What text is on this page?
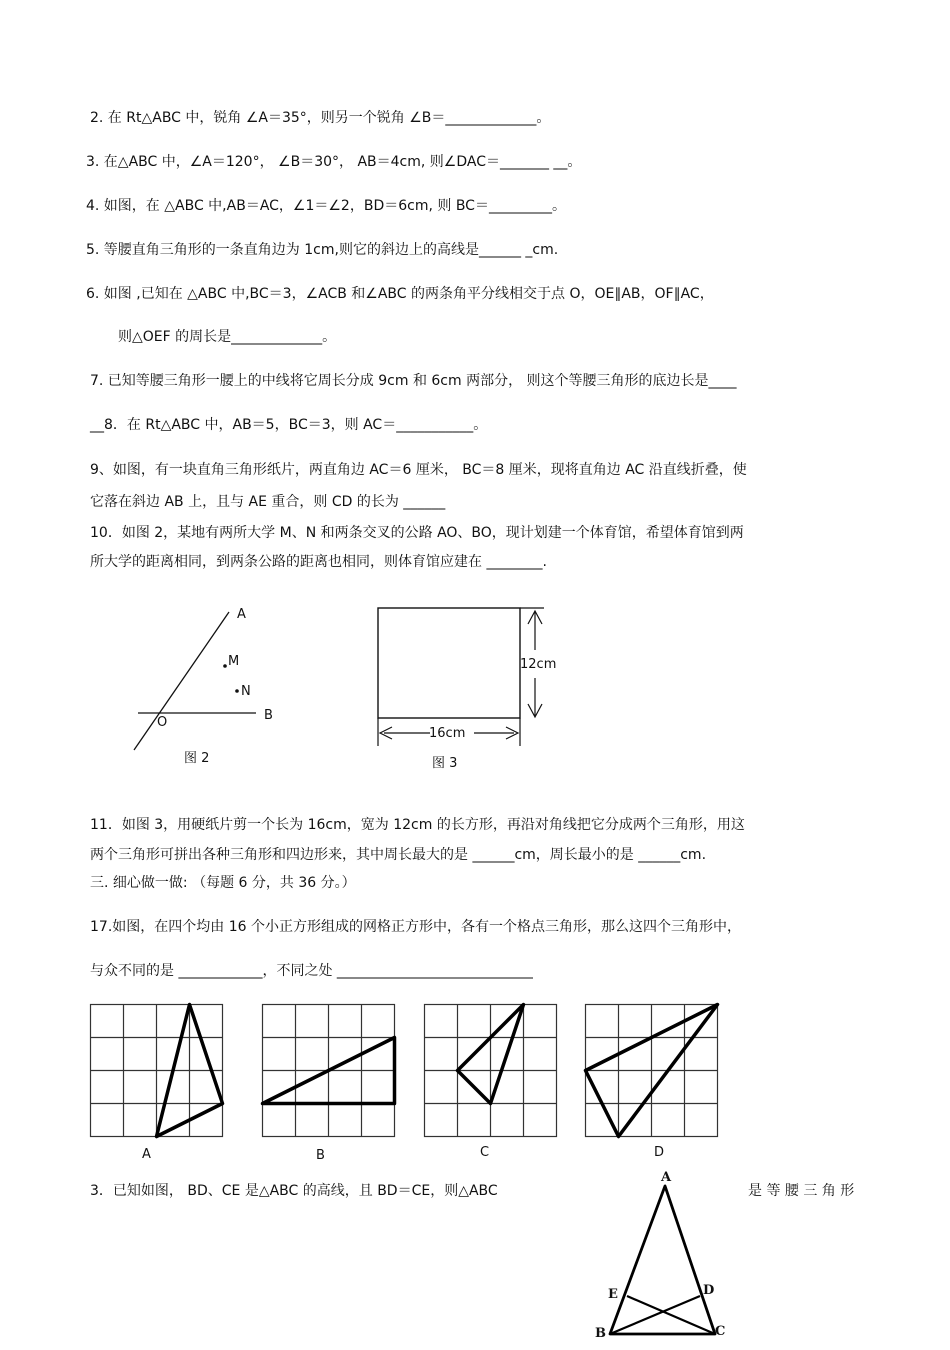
2. 在 Rt△ABC 中，锐角 ∠A＝35°，则另一个锐角 ∠B＝_____________。
3. 在△ABC 中，∠A＝120°， ∠B＝30°， AB＝4cm, 则∠DAC＝_______ __。
4. 如图，在 △ABC 中,AB＝AC，∠1＝∠2，BD＝6cm, 则 BC＝_________。
5. 等腰直角三角形的一条直角边为 1cm,则它的斜边上的高线是______ _cm.
6. 如图 ,已知在 △ABC 中,BC＝3，∠ACB 和∠ABC 的两条角平分线相交于点 O，OE∥AB，OF∥AC，
则△OEF 的周长是_____________。
7. 已知等腰三角形一腰上的中线将它周长分成 9cm 和 6cm 两部分， 则这个等腰三角形的底边长是____
__8．在 Rt△ABC 中，AB＝5，BC＝3，则 AC＝___________。
9、如图，有一块直角三角形纸片，两直角边 AC＝6 厘米， BC＝8 厘米，现将直角边 AC 沿直线折叠，使
它落在斜边 AB 上，且与 AE 重合，则 CD 的长为 ______
10．如图 2，某地有两所大学 M、N 和两条交叉的公路 AO、BO，现计划建一个体育馆，希望体育馆到两
所大学的距离相同，到两条公路的距离也相同，则体育馆应建在 ________.
A
M
N
O	B
图 2
12cm
16cm
图 3
11．如图 3，用硬纸片剪一个长为 16cm，宽为 12cm 的长方形，再沿对角线把它分成两个三角形，用这
两个三角形可拼出各种三角形和四边形来，其中周长最大的是 ______cm，周长最小的是 ______cm.
三. 细心做一做: （每题 6 分，共 36 分。）
17.如图，在四个均由 16 个小正方形组成的网格正方形中，各有一个格点三角形，那么这四个三角形中，
与众不同的是 ____________，不同之处 ____________________________
A	B	C	D
3．已知如图， BD、CE 是△ABC 的高线，且 BD＝CE，则△ABC	是 等 腰 三 角 形
A
E	D
B	C
